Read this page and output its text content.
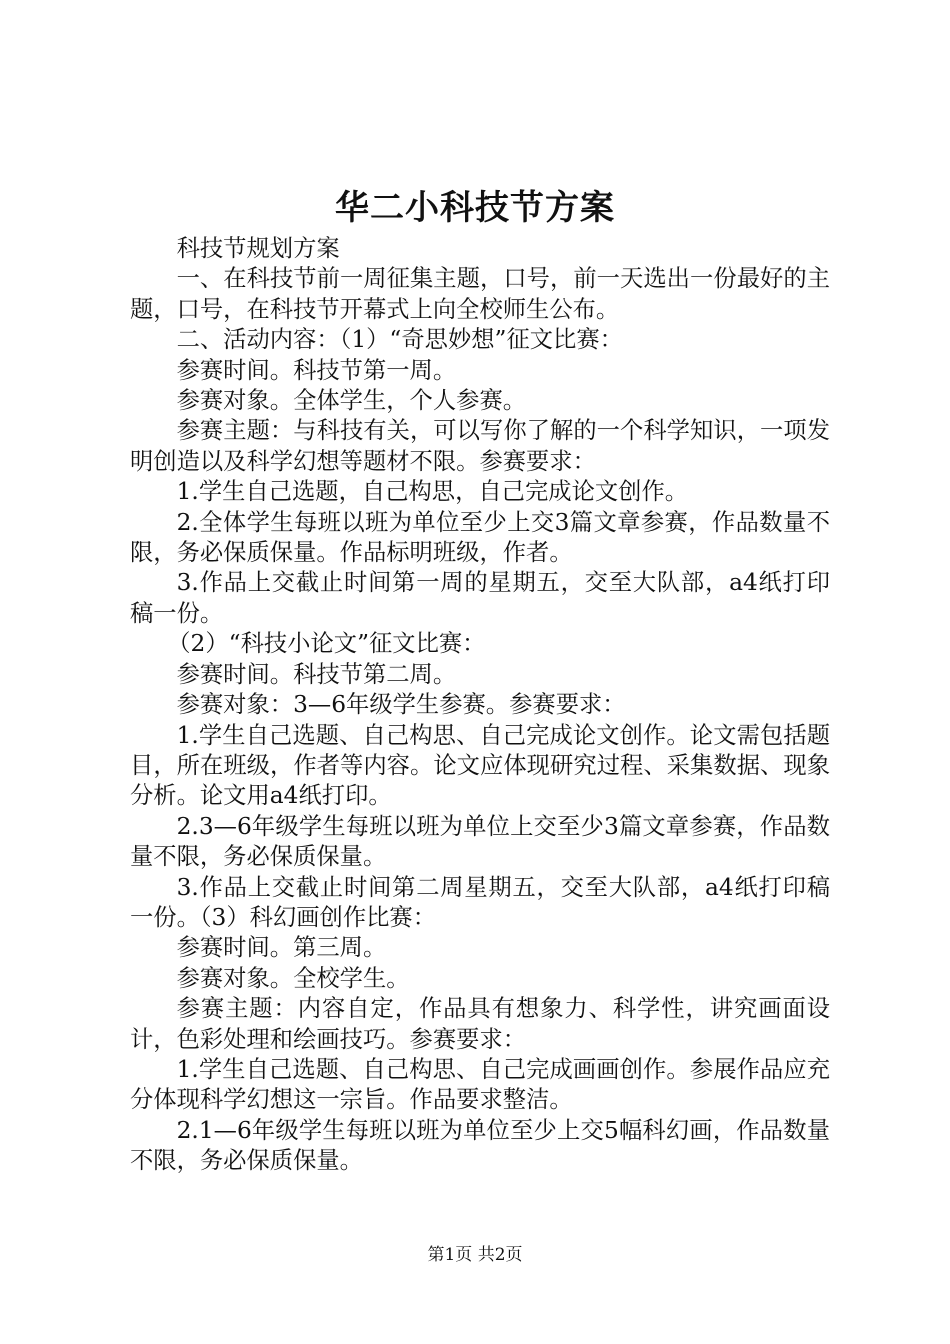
华二小科技节方案

科技节规划方案

一、在科技节前一周征集主题，口号，前一天选出一份最好的主题，口号，在科技节开幕式上向全校师生公布。

二、活动内容：（1）“奇思妙想”征文比赛：

参赛时间。科技节第一周。

参赛对象。全体学生，个人参赛。

参赛主题：与科技有关，可以写你了解的一个科学知识，一项发明创造以及科学幻想等题材不限。参赛要求：

1.学生自己选题，自己构思，自己完成论文创作。

2.全体学生每班以班为单位至少上交3篇文章参赛，作品数量不限，务必保质保量。作品标明班级，作者。

3.作品上交截止时间第一周的星期五，交至大队部，a4纸打印稿一份。

（2）“科技小论文”征文比赛：

参赛时间。科技节第二周。

参赛对象：3—6年级学生参赛。参赛要求：

1.学生自己选题、自己构思、自己完成论文创作。论文需包括题目，所在班级，作者等内容。论文应体现研究过程、采集数据、现象分析。论文用a4纸打印。

2.3—6年级学生每班以班为单位上交至少3篇文章参赛，作品数量不限，务必保质保量。

3.作品上交截止时间第二周星期五，交至大队部，a4纸打印稿一份。（3）科幻画创作比赛：

参赛时间。第三周。

参赛对象。全校学生。

参赛主题：内容自定，作品具有想象力、科学性，讲究画面设计，色彩处理和绘画技巧。参赛要求：

1.学生自己选题、自己构思、自己完成画画创作。参展作品应充分体现科学幻想这一宗旨。作品要求整洁。

2.1—6年级学生每班以班为单位至少上交5幅科幻画，作品数量不限，务必保质保量。

第1页 共2页
